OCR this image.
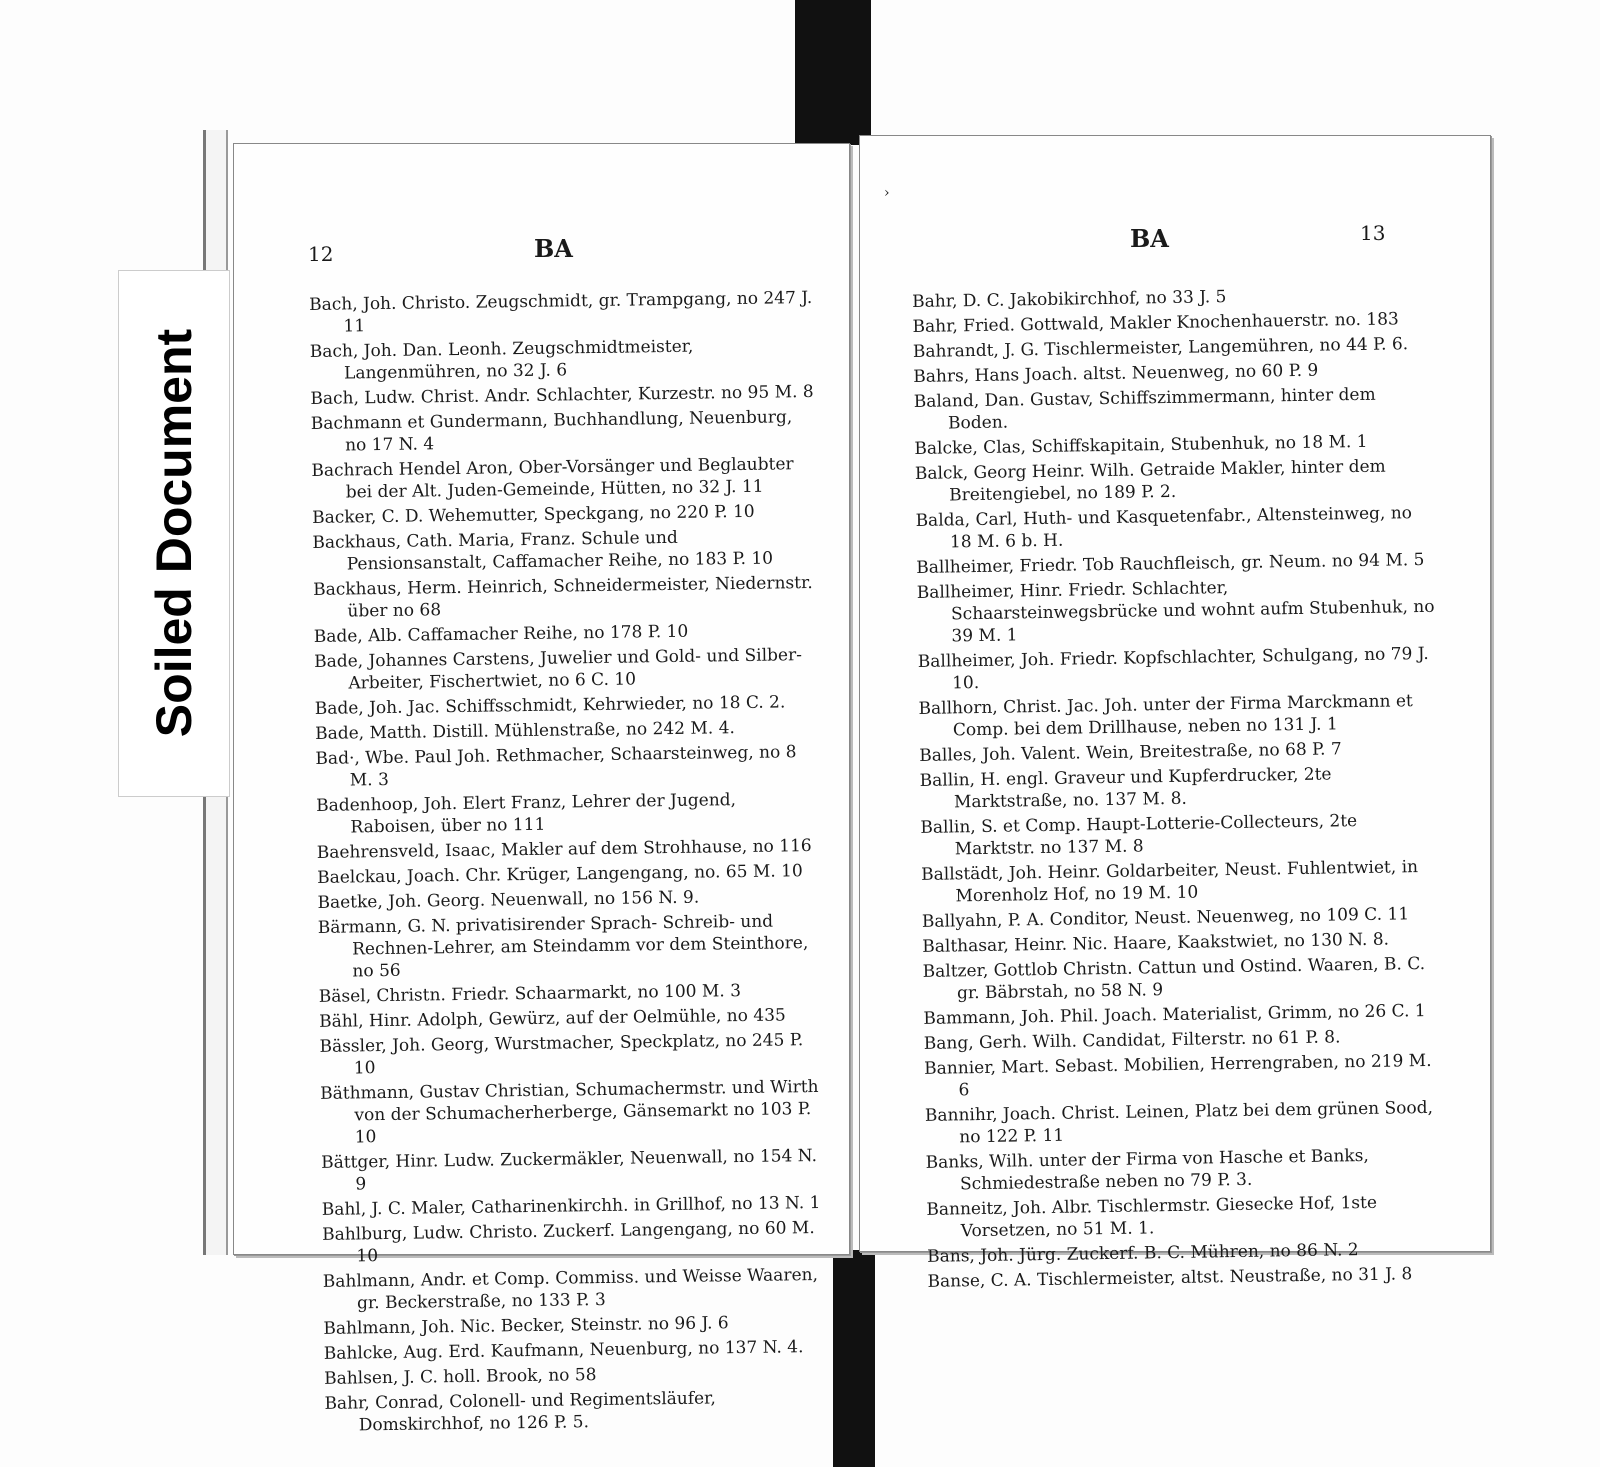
12	BA
Bach, Joh. Christo. Zeugschmidt, gr. Trampgang, no 247 J. 11
Bach, Joh. Dan. Leonh. Zeugschmidtmeister, Langenmühren, no 32 J. 6
Bach, Ludw. Christ. Andr. Schlachter, Kurzestr. no 95 M. 8
Bachmann et Gundermann, Buchhandlung, Neuenburg, no 17 N. 4
Bachrach Hendel Aron, Ober-Vorsänger und Beglaubter bei der Alt. Juden-Gemeinde, Hütten, no 32 J. 11
Backer, C. D. Wehemutter, Speckgang, no 220 P. 10
Backhaus, Cath. Maria, Franz. Schule und Pensionsanstalt, Caffamacher Reihe, no 183 P. 10
Backhaus, Herm. Heinrich, Schneidermeister, Niedernstr. über no 68
Bade, Alb. Caffamacher Reihe, no 178 P. 10
Bade, Johannes Carstens, Juwelier und Gold- und Silber-Arbeiter, Fischertwiet, no 6 C. 10
Bade, Joh. Jac. Schiffsschmidt, Kehrwieder, no 18 C. 2.
Bade, Matth. Distill. Mühlenstraße, no 242 M. 4.
Bad·, Wbe. Paul Joh. Rethmacher, Schaarsteinweg, no 8 M. 3
Badenhoop, Joh. Elert Franz, Lehrer der Jugend, Raboisen, über no 111
Baehrensveld, Isaac, Makler auf dem Strohhause, no 116
Baelckau, Joach. Chr. Krüger, Langengang, no. 65 M. 10
Baetke, Joh. Georg. Neuenwall, no 156 N. 9.
Bärmann, G. N. privatisirender Sprach- Schreib- und Rechnen-Lehrer, am Steindamm vor dem Steinthore, no 56
Bäsel, Christn. Friedr. Schaarmarkt, no 100 M. 3
Bähl, Hinr. Adolph, Gewürz, auf der Oelmühle, no 435
Bässler, Joh. Georg, Wurstmacher, Speckplatz, no 245 P. 10
Bäthmann, Gustav Christian, Schumachermstr. und Wirth von der Schumacherherberge, Gänsemarkt no 103 P. 10
Bättger, Hinr. Ludw. Zuckermäkler, Neuenwall, no 154 N. 9
Bahl, J. C. Maler, Catharinenkirchh. in Grillhof, no 13 N. 1
Bahlburg, Ludw. Christo. Zuckerf. Langengang, no 60 M. 10
Bahlmann, Andr. et Comp. Commiss. und Weisse Waaren, gr. Beckerstraße, no 133 P. 3
Bahlmann, Joh. Nic. Becker, Steinstr. no 96 J. 6
Bahlcke, Aug. Erd. Kaufmann, Neuenburg, no 137 N. 4.
Bahlsen, J. C. holl. Brook, no 58
Bahr, Conrad, Colonell- und Regimentsläufer, Domskirchhof, no 126 P. 5.
BA	13
Bahr, D. C. Jakobikirchhof, no 33 J. 5
Bahr, Fried. Gottwald, Makler Knochenhauerstr. no. 183
Bahrandt, J. G. Tischlermeister, Langemühren, no 44 P. 6.
Bahrs, Hans Joach. altst. Neuenweg, no 60 P. 9
Baland, Dan. Gustav, Schiffszimmermann, hinter dem Boden.
Balcke, Clas, Schiffskapitain, Stubenhuk, no 18 M. 1
Balck, Georg Heinr. Wilh. Getraide Makler, hinter dem Breitengiebel, no 189 P. 2.
Balda, Carl, Huth- und Kasquetenfabr., Altensteinweg, no 18 M. 6 b. H.
Ballheimer, Friedr. Tob Rauchfleisch, gr. Neum. no 94 M. 5
Ballheimer, Hinr. Friedr. Schlachter, Schaarsteinwegsbrücke und wohnt aufm Stubenhuk, no 39 M. 1
Ballheimer, Joh. Friedr. Kopfschlachter, Schulgang, no 79 J. 10.
Ballhorn, Christ. Jac. Joh. unter der Firma Marckmann et Comp. bei dem Drillhause, neben no 131 J. 1
Balles, Joh. Valent. Wein, Breitestraße, no 68 P. 7
Ballin, H. engl. Graveur und Kupferdrucker, 2te Marktstraße, no. 137 M. 8.
Ballin, S. et Comp. Haupt-Lotterie-Collecteurs, 2te Marktstr. no 137 M. 8
Ballstädt, Joh. Heinr. Goldarbeiter, Neust. Fuhlentwiet, in Morenholz Hof, no 19 M. 10
Ballyahn, P. A. Conditor, Neust. Neuenweg, no 109 C. 11
Balthasar, Heinr. Nic. Haare, Kaakstwiet, no 130 N. 8.
Baltzer, Gottlob Christn. Cattun und Ostind. Waaren, B. C. gr. Bäbrstah, no 58 N. 9
Bammann, Joh. Phil. Joach. Materialist, Grimm, no 26 C. 1
Bang, Gerh. Wilh. Candidat, Filterstr. no 61 P. 8.
Bannier, Mart. Sebast. Mobilien, Herrengraben, no 219 M. 6
Bannihr, Joach. Christ. Leinen, Platz bei dem grünen Sood, no 122 P. 11
Banks, Wilh. unter der Firma von Hasche et Banks, Schmiedestraße neben no 79 P. 3.
Banneitz, Joh. Albr. Tischlermstr. Giesecke Hof, 1ste Vorsetzen, no 51 M. 1.
Bans, Joh. Jürg. Zuckerf. B. C. Mühren, no 86 N. 2
Banse, C. A. Tischlermeister, altst. Neustraße, no 31 J. 8
›
Soiled Document
